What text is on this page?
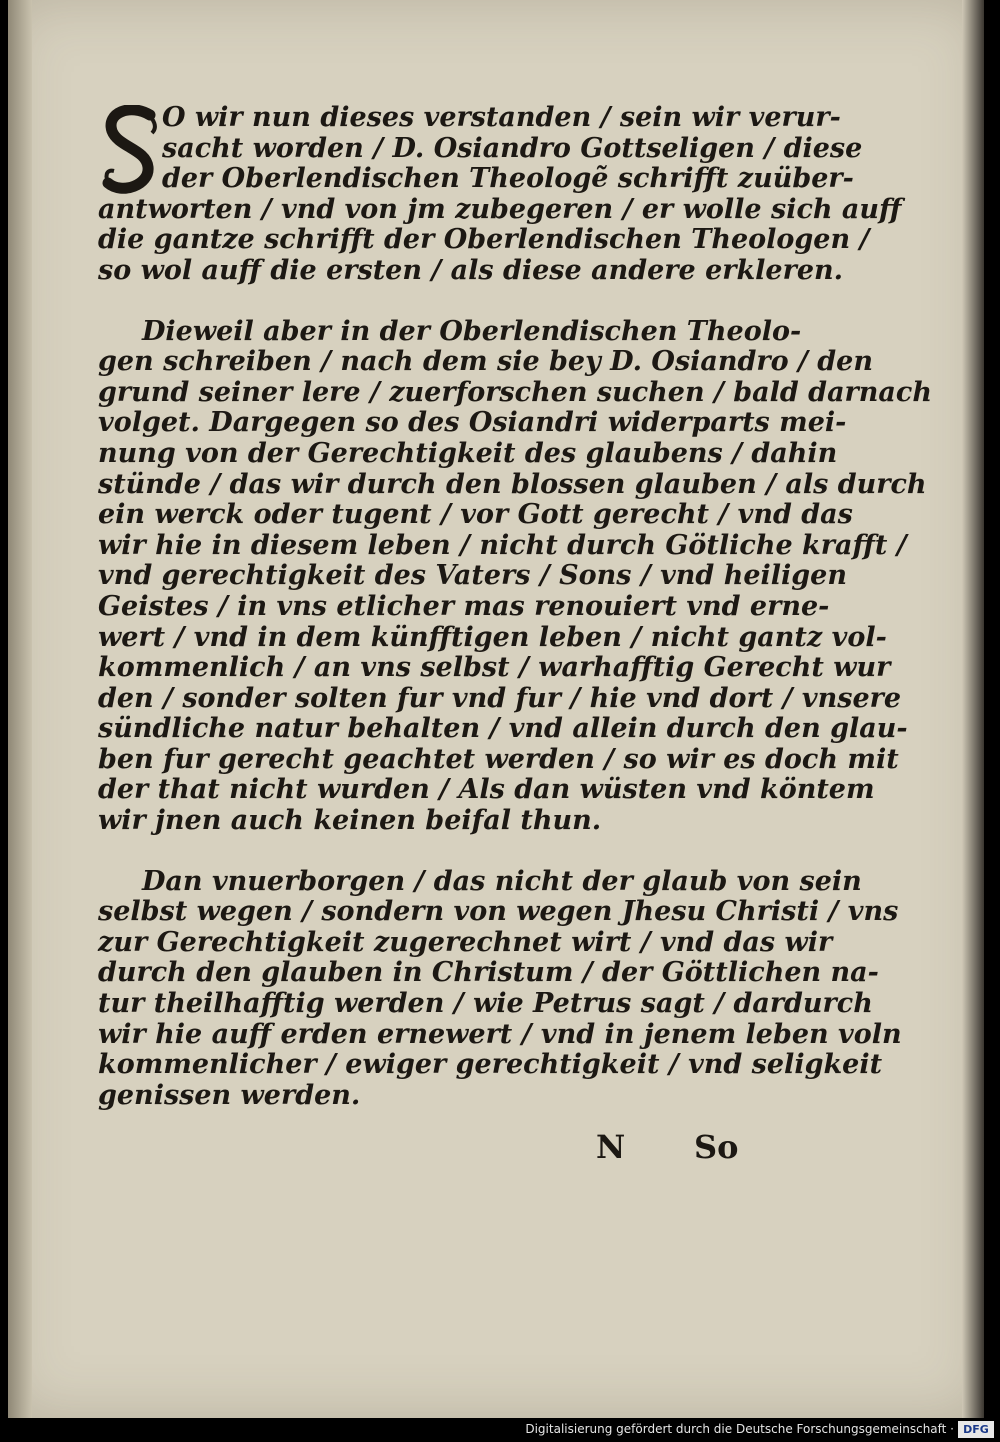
O wir nun dieses verstanden / sein wir verur-
sacht worden / D. Osiandro Gottseligen / diese
der Oberlendischen Theologẽ schrifft zuüber-
antworten / vnd von jm zubegeren / er wolle sich auff
die gantze schrifft der Oberlendischen Theologen /
so wol auff die ersten / als diese andere erkleren.
Dieweil aber in der Oberlendischen Theolo-
gen schreiben / nach dem sie bey D. Osiandro / den
grund seiner lere / zuerforschen suchen / bald darnach
volget. Dargegen so des Osiandri widerparts mei-
nung von der Gerechtigkeit des glaubens / dahin
stünde / das wir durch den blossen glauben / als durch
ein werck oder tugent / vor Gott gerecht / vnd das
wir hie in diesem leben / nicht durch Götliche krafft /
vnd gerechtigkeit des Vaters / Sons / vnd heiligen
Geistes / in vns etlicher mas renouiert vnd erne-
wert / vnd in dem künfftigen leben / nicht gantz vol-
kommenlich / an vns selbst / warhafftig Gerecht wur
den / sonder solten fur vnd fur / hie vnd dort / vnsere
sündliche natur behalten / vnd allein durch den glau-
ben fur gerecht geachtet werden / so wir es doch mit
der that nicht wurden / Als dan wüsten vnd köntem
wir jnen auch keinen beifal thun.
Dan vnuerborgen / das nicht der glaub von sein
selbst wegen / sondern von wegen Jhesu Christi / vns
zur Gerechtigkeit zugerechnet wirt / vnd das wir
durch den glauben in Christum / der Göttlichen na-
tur theilhafftig werden / wie Petrus sagt / dardurch
wir hie auff erden ernewert / vnd in jenem leben voln
kommenlicher / ewiger gerechtigkeit / vnd seligkeit
genissen werden.
N So
Digitalisierung gefördert durch die Deutsche Forschungsgemeinschaft · DFG
